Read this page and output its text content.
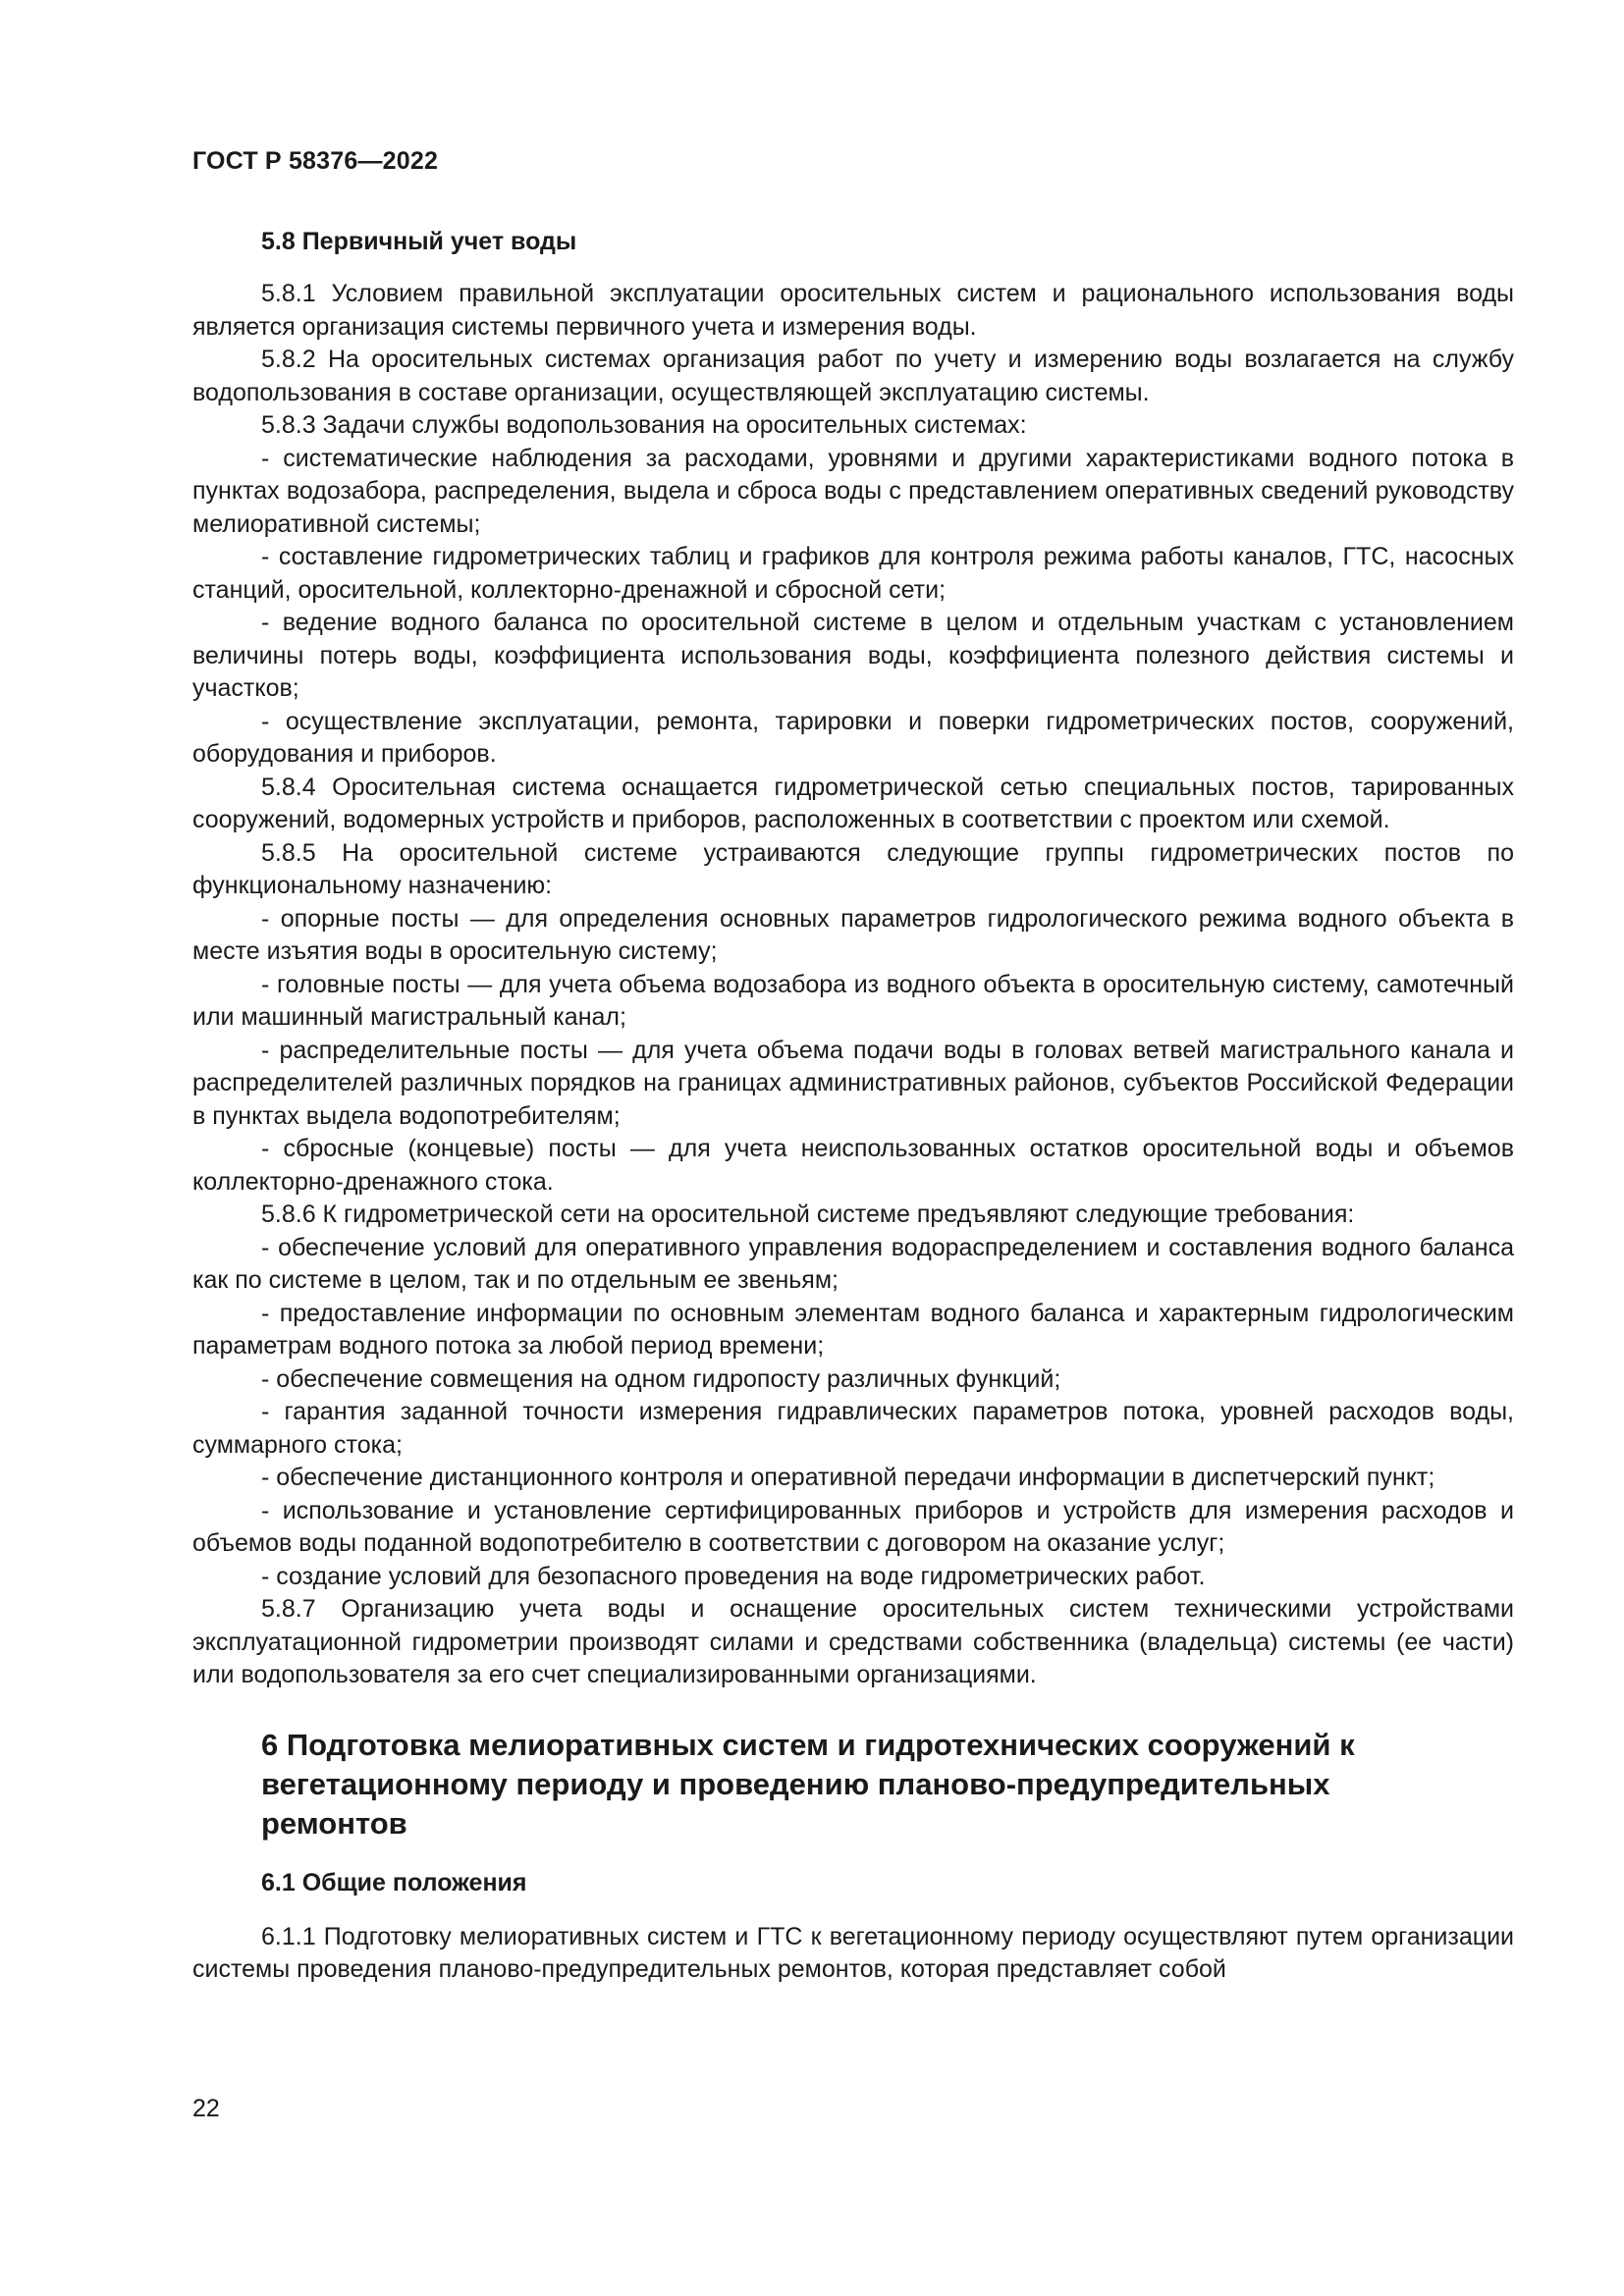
ГОСТ Р 58376—2022
5.8 Первичный учет воды

5.8.1 Условием правильной эксплуатации оросительных систем и рационального использования воды является организация системы первичного учета и измерения воды.

5.8.2 На оросительных системах организация работ по учету и измерению воды возлагается на службу водопользования в составе организации, осуществляющей эксплуатацию системы.

5.8.3 Задачи службы водопользования на оросительных системах:

- систематические наблюдения за расходами, уровнями и другими характеристиками водного потока в пунктах водозабора, распределения, выдела и сброса воды с представлением оперативных сведений руководству мелиоративной системы;

- составление гидрометрических таблиц и графиков для контроля режима работы каналов, ГТС, насосных станций, оросительной, коллекторно-дренажной и сбросной сети;

- ведение водного баланса по оросительной системе в целом и отдельным участкам с установлением величины потерь воды, коэффициента использования воды, коэффициента полезного действия системы и участков;

- осуществление эксплуатации, ремонта, тарировки и поверки гидрометрических постов, сооружений, оборудования и приборов.

5.8.4 Оросительная система оснащается гидрометрической сетью специальных постов, тарированных сооружений, водомерных устройств и приборов, расположенных в соответствии с проектом или схемой.

5.8.5 На оросительной системе устраиваются следующие группы гидрометрических постов по функциональному назначению:

- опорные посты — для определения основных параметров гидрологического режима водного объекта в месте изъятия воды в оросительную систему;

- головные посты — для учета объема водозабора из водного объекта в оросительную систему, самотечный или машинный магистральный канал;

- распределительные посты — для учета объема подачи воды в головах ветвей магистрального канала и распределителей различных порядков на границах административных районов, субъектов Российской Федерации в пунктах выдела водопотребителям;

- сбросные (концевые) посты — для учета неиспользованных остатков оросительной воды и объемов коллекторно-дренажного стока.

5.8.6 К гидрометрической сети на оросительной системе предъявляют следующие требования:

- обеспечение условий для оперативного управления водораспределением и составления водного баланса как по системе в целом, так и по отдельным ее звеньям;

- предоставление информации по основным элементам водного баланса и характерным гидрологическим параметрам водного потока за любой период времени;

- обеспечение совмещения на одном гидропосту различных функций;

- гарантия заданной точности измерения гидравлических параметров потока, уровней расходов воды, суммарного стока;

- обеспечение дистанционного контроля и оперативной передачи информации в диспетчерский пункт;

- использование и установление сертифицированных приборов и устройств для измерения расходов и объемов воды поданной водопотребителю в соответствии с договором на оказание услуг;

- создание условий для безопасного проведения на воде гидрометрических работ.

5.8.7 Организацию учета воды и оснащение оросительных систем техническими устройствами эксплуатационной гидрометрии производят силами и средствами собственника (владельца) системы (ее части) или водопользователя за его счет специализированными организациями.

6 Подготовка мелиоративных систем и гидротехнических сооружений к вегетационному периоду и проведению планово-предупредительных ремонтов
6.1 Общие положения

6.1.1 Подготовку мелиоративных систем и ГТС к вегетационному периоду осуществляют путем организации системы проведения планово-предупредительных ремонтов, которая представляет собой

22
